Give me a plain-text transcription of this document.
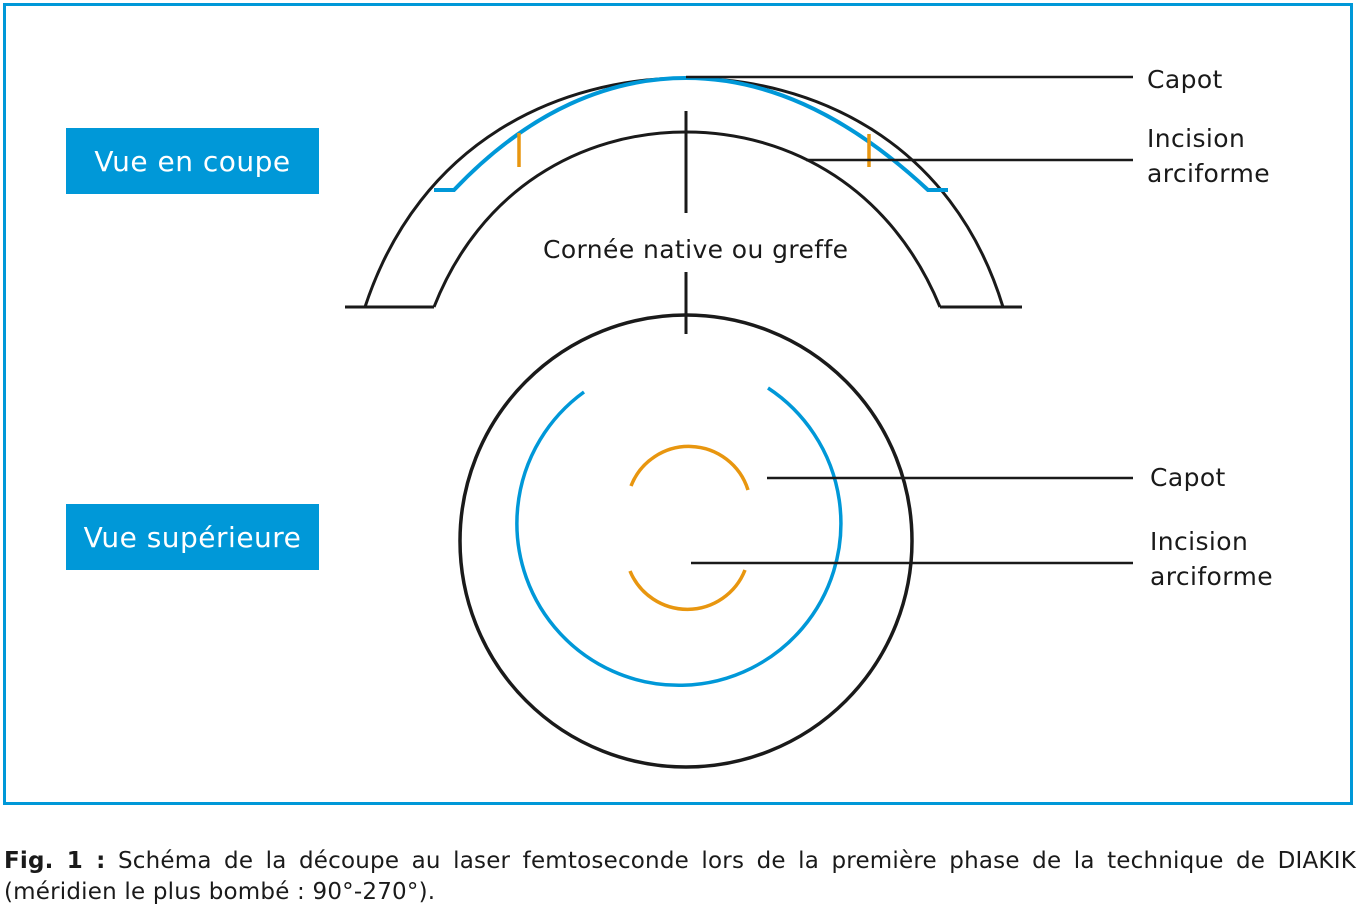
Vue en coupe
Vue supérieure
Capot
Incision arciforme
Cornée native ou greffe
Capot
Incision arciforme
Fig. 1 : Schéma de la découpe au laser femtoseconde lors de la première phase de la technique de DIAKIK (méridien le plus bombé : 90°-270°).
